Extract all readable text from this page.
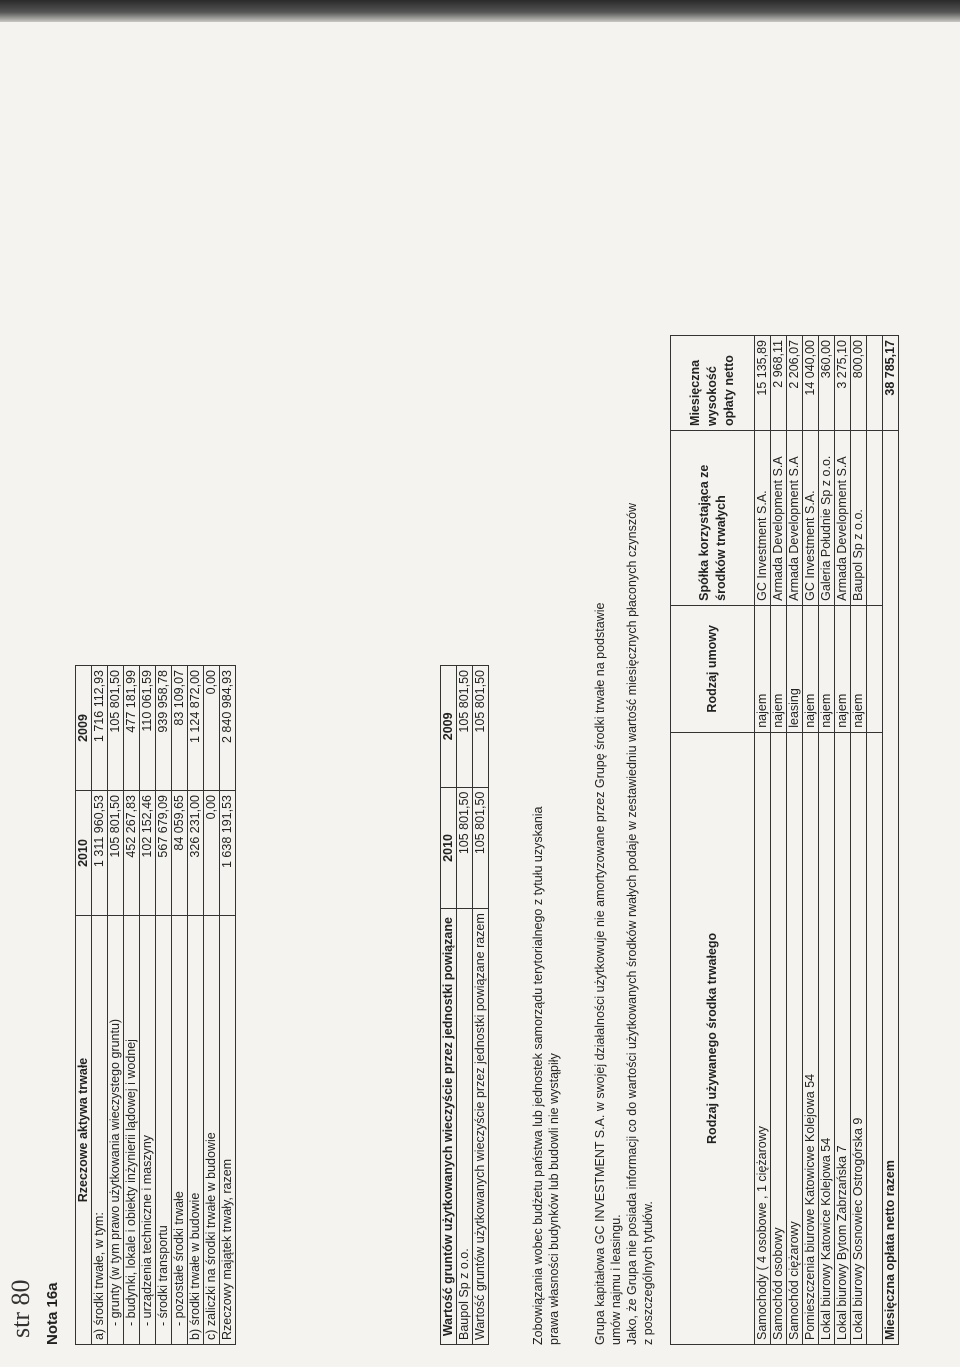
str 80 Nota 16a
Rzeczowe aktywa trwałe	2010	2009
a) środki trwałe, w tym:	1 311 960,53	1 716 112,93
- grunty (w tym prawo użytkowania wieczystego gruntu)	105 801,50	105 801,50
- budynki, lokale i obiekty inżynierii lądowej i wodnej	452 267,83	477 181,99
- urządzenia techniczne i maszyny	102 152,46	110 061,59
- środki transportu	567 679,09	939 958,78
- pozostałe środki trwałe	84 059,65	83 109,07
b) środki trwałe w budowie	326 231,00	1 124 872,00
c) zaliczki na środki trwałe w budowie	0,00	0,00
Rzeczowy majątek trwały, razem	1 638 191,53	2 840 984,93
Wartość gruntów użytkowanych wieczyście przez jednostki powiązane	2010	2009
Baupol Sp z o.o.	105 801,50	105 801,50
Wartość gruntów użytkowanych wieczyście przez jednostki powiązane razem	105 801,50	105 801,50
Zobowiązania wobec budżetu państwa lub jednostek samorządu terytorialnego z tytułu uzyskania prawa własności budynków lub budowli nie wystąpiły	Grupa kapitałowa GC INVESTMENT S.A. w swojej działalności użytkowuje nie amortyzowane przez Grupę środki trwałe na podstawie umów najmu i leasingu. Jako, że Grupa nie posiada informacji co do wartości użytkowanych środków rwałych podaje w zestawiedniu wartość miesięcznych płaconych czynszów z poszczególnych tytułów.
Rodzaj używanego środka trwałego	Rodzaj umowy	Spółka korzystająca ze środków trwałych	Miesięczna wysokość opłaty netto
Samochody ( 4 osobowe , 1 ciężarowy	najem	GC Investment S.A.	15 135,89
Samochód osobowy	najem	Armada Development S.A	2 968,11
Samochód ciężarowy	leasing	Armada Development S.A	2 206,07
Pomieszczenia biurowe Katowicwe Kolejowa 54	najem	GC Investment S.A.	14 040,00
Lokal biurowy Katowice Kolejowa 54	najem	Galeria Południe Sp z o.o.	360,00
Lokal biurowy Bytom Zabrzańska 7	najem	Armada Development S.A	3 275,10
Lokal biurowy Sosnowiec Ostrogórska 9	najem	Baupol Sp z o.o.	800,00

Miesięczna opłata netto razem			38 785,17
